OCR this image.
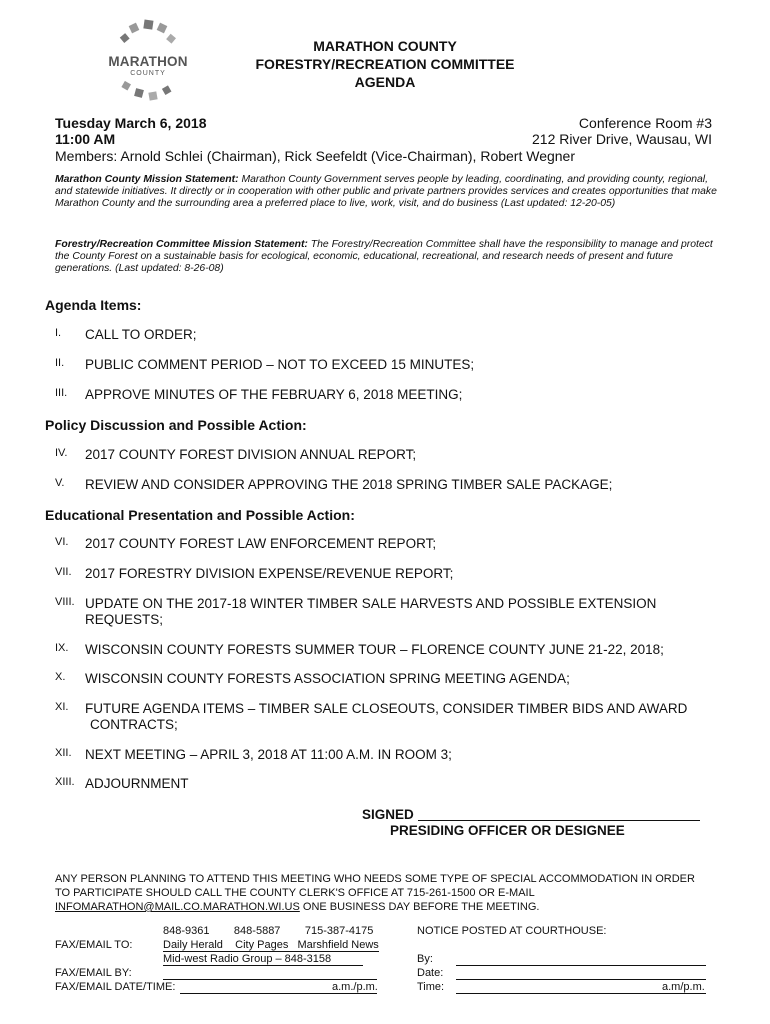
MARATHON
COUNTY
MARATHON COUNTY
FORESTRY/RECREATION COMMITTEE
AGENDA
Tuesday March 6, 2018
11:00 AM
Conference Room #3
212 River Drive, Wausau, WI
Members: Arnold Schlei (Chairman), Rick Seefeldt (Vice-Chairman), Robert Wegner
Marathon County Mission Statement: Marathon County Government serves people by leading, coordinating, and providing county, regional, and statewide initiatives. It directly or in cooperation with other public and private partners provides services and creates opportunities that make Marathon County and the surrounding area a preferred place to live, work, visit, and do business (Last updated: 12-20-05)
Forestry/Recreation Committee Mission Statement: The Forestry/Recreation Committee shall have the responsibility to manage and protect the County Forest on a sustainable basis for ecological, economic, educational, recreational, and research needs of present and future generations. (Last updated: 8-26-08)
Agenda Items:
Policy Discussion and Possible Action:
Educational Presentation and Possible Action:
I. CALL TO ORDER;
II. PUBLIC COMMENT PERIOD – NOT TO EXCEED 15 MINUTES;
III. APPROVE MINUTES OF THE FEBRUARY 6, 2018 MEETING;
IV. 2017 COUNTY FOREST DIVISION ANNUAL REPORT;
V. REVIEW AND CONSIDER APPROVING THE 2018 SPRING TIMBER SALE PACKAGE;
VI. 2017 COUNTY FOREST LAW ENFORCEMENT REPORT;
VII. 2017 FORESTRY DIVISION EXPENSE/REVENUE REPORT;
VIII. UPDATE ON THE 2017-18 WINTER TIMBER SALE HARVESTS AND POSSIBLE EXTENSION
REQUESTS;
IX. WISCONSIN COUNTY FORESTS SUMMER TOUR – FLORENCE COUNTY JUNE 21-22, 2018;
X. WISCONSIN COUNTY FORESTS ASSOCIATION SPRING MEETING AGENDA;
XI. FUTURE AGENDA ITEMS – TIMBER SALE CLOSEOUTS, CONSIDER TIMBER BIDS AND AWARD
CONTRACTS;
XII. NEXT MEETING – APRIL 3, 2018 AT 11:00 A.M. IN ROOM 3;
XIII. ADJOURNMENT
SIGNED
PRESIDING OFFICER OR DESIGNEE
ANY PERSON PLANNING TO ATTEND THIS MEETING WHO NEEDS SOME TYPE OF SPECIAL ACCOMMODATION IN ORDER
TO PARTICIPATE SHOULD CALL THE COUNTY CLERK'S OFFICE AT 715-261-1500 OR E-MAIL
INFOMARATHON@MAIL.CO.MARATHON.WI.US ONE BUSINESS DAY BEFORE THE MEETING.
848-9361        848-5887        715-387-4175
FAX/EMAIL TO:	Daily Herald    City Pages   Marshfield News
Mid-west Radio Group – 848-3158
FAX/EMAIL BY:
FAX/EMAIL DATE/TIME:	a.m./p.m.
NOTICE POSTED AT COURTHOUSE:
By:
Date:
Time:	a.m/p.m.
